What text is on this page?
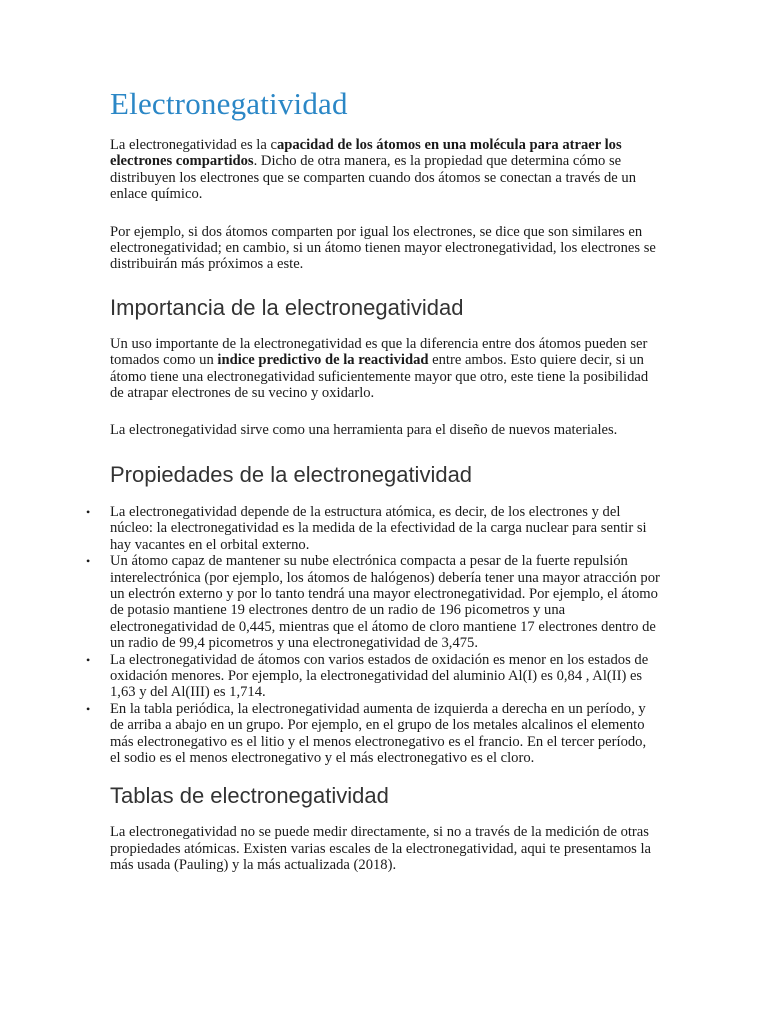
Electronegatividad

La electronegatividad es la capacidad de los átomos en una molécula para atraer los electrones compartidos. Dicho de otra manera, es la propiedad que determina cómo se distribuyen los electrones que se comparten cuando dos átomos se conectan a través de un enlace químico.

Por ejemplo, si dos átomos comparten por igual los electrones, se dice que son similares en electronegatividad; en cambio, si un átomo tienen mayor electronegatividad, los electrones se distribuirán más próximos a este.

Importancia de la electronegatividad

Un uso importante de la electronegatividad es que la diferencia entre dos átomos pueden ser tomados como un indice predictivo de la reactividad entre ambos. Esto quiere decir, si un átomo tiene una electronegatividad suficientemente mayor que otro, este tiene la posibilidad de atrapar electrones de su vecino y oxidarlo.

La electronegatividad sirve como una herramienta para el diseño de nuevos materiales.

Propiedades de la electronegatividad
• La electronegatividad depende de la estructura atómica, es decir, de los electrones y del núcleo: la electronegatividad es la medida de la efectividad de la carga nuclear para sentir si hay vacantes en el orbital externo.
• Un átomo capaz de mantener su nube electrónica compacta a pesar de la fuerte repulsión interelectrónica (por ejemplo, los átomos de halógenos) debería tener una mayor atracción por un electrón externo y por lo tanto tendrá una mayor electronegatividad. Por ejemplo, el átomo de potasio mantiene 19 electrones dentro de un radio de 196 picometros y una electronegatividad de 0,445, mientras que el átomo de cloro mantiene 17 electrones dentro de un radio de 99,4 picometros y una electronegatividad de 3,475.
• La electronegatividad de átomos con varios estados de oxidación es menor en los estados de oxidación menores. Por ejemplo, la electronegatividad del aluminio Al(I) es 0,84 , Al(II) es 1,63 y del Al(III) es 1,714.
• En la tabla periódica, la electronegatividad aumenta de izquierda a derecha en un período, y de arriba a abajo en un grupo. Por ejemplo, en el grupo de los metales alcalinos el elemento más electronegativo es el litio y el menos electronegativo es el francio. En el tercer período, el sodio es el menos electronegativo y el más electronegativo es el cloro.
Tablas de electronegatividad

La electronegatividad no se puede medir directamente, si no a través de la medición de otras propiedades atómicas. Existen varias escales de la electronegatividad, aqui te presentamos la más usada (Pauling) y la más actualizada (2018).
